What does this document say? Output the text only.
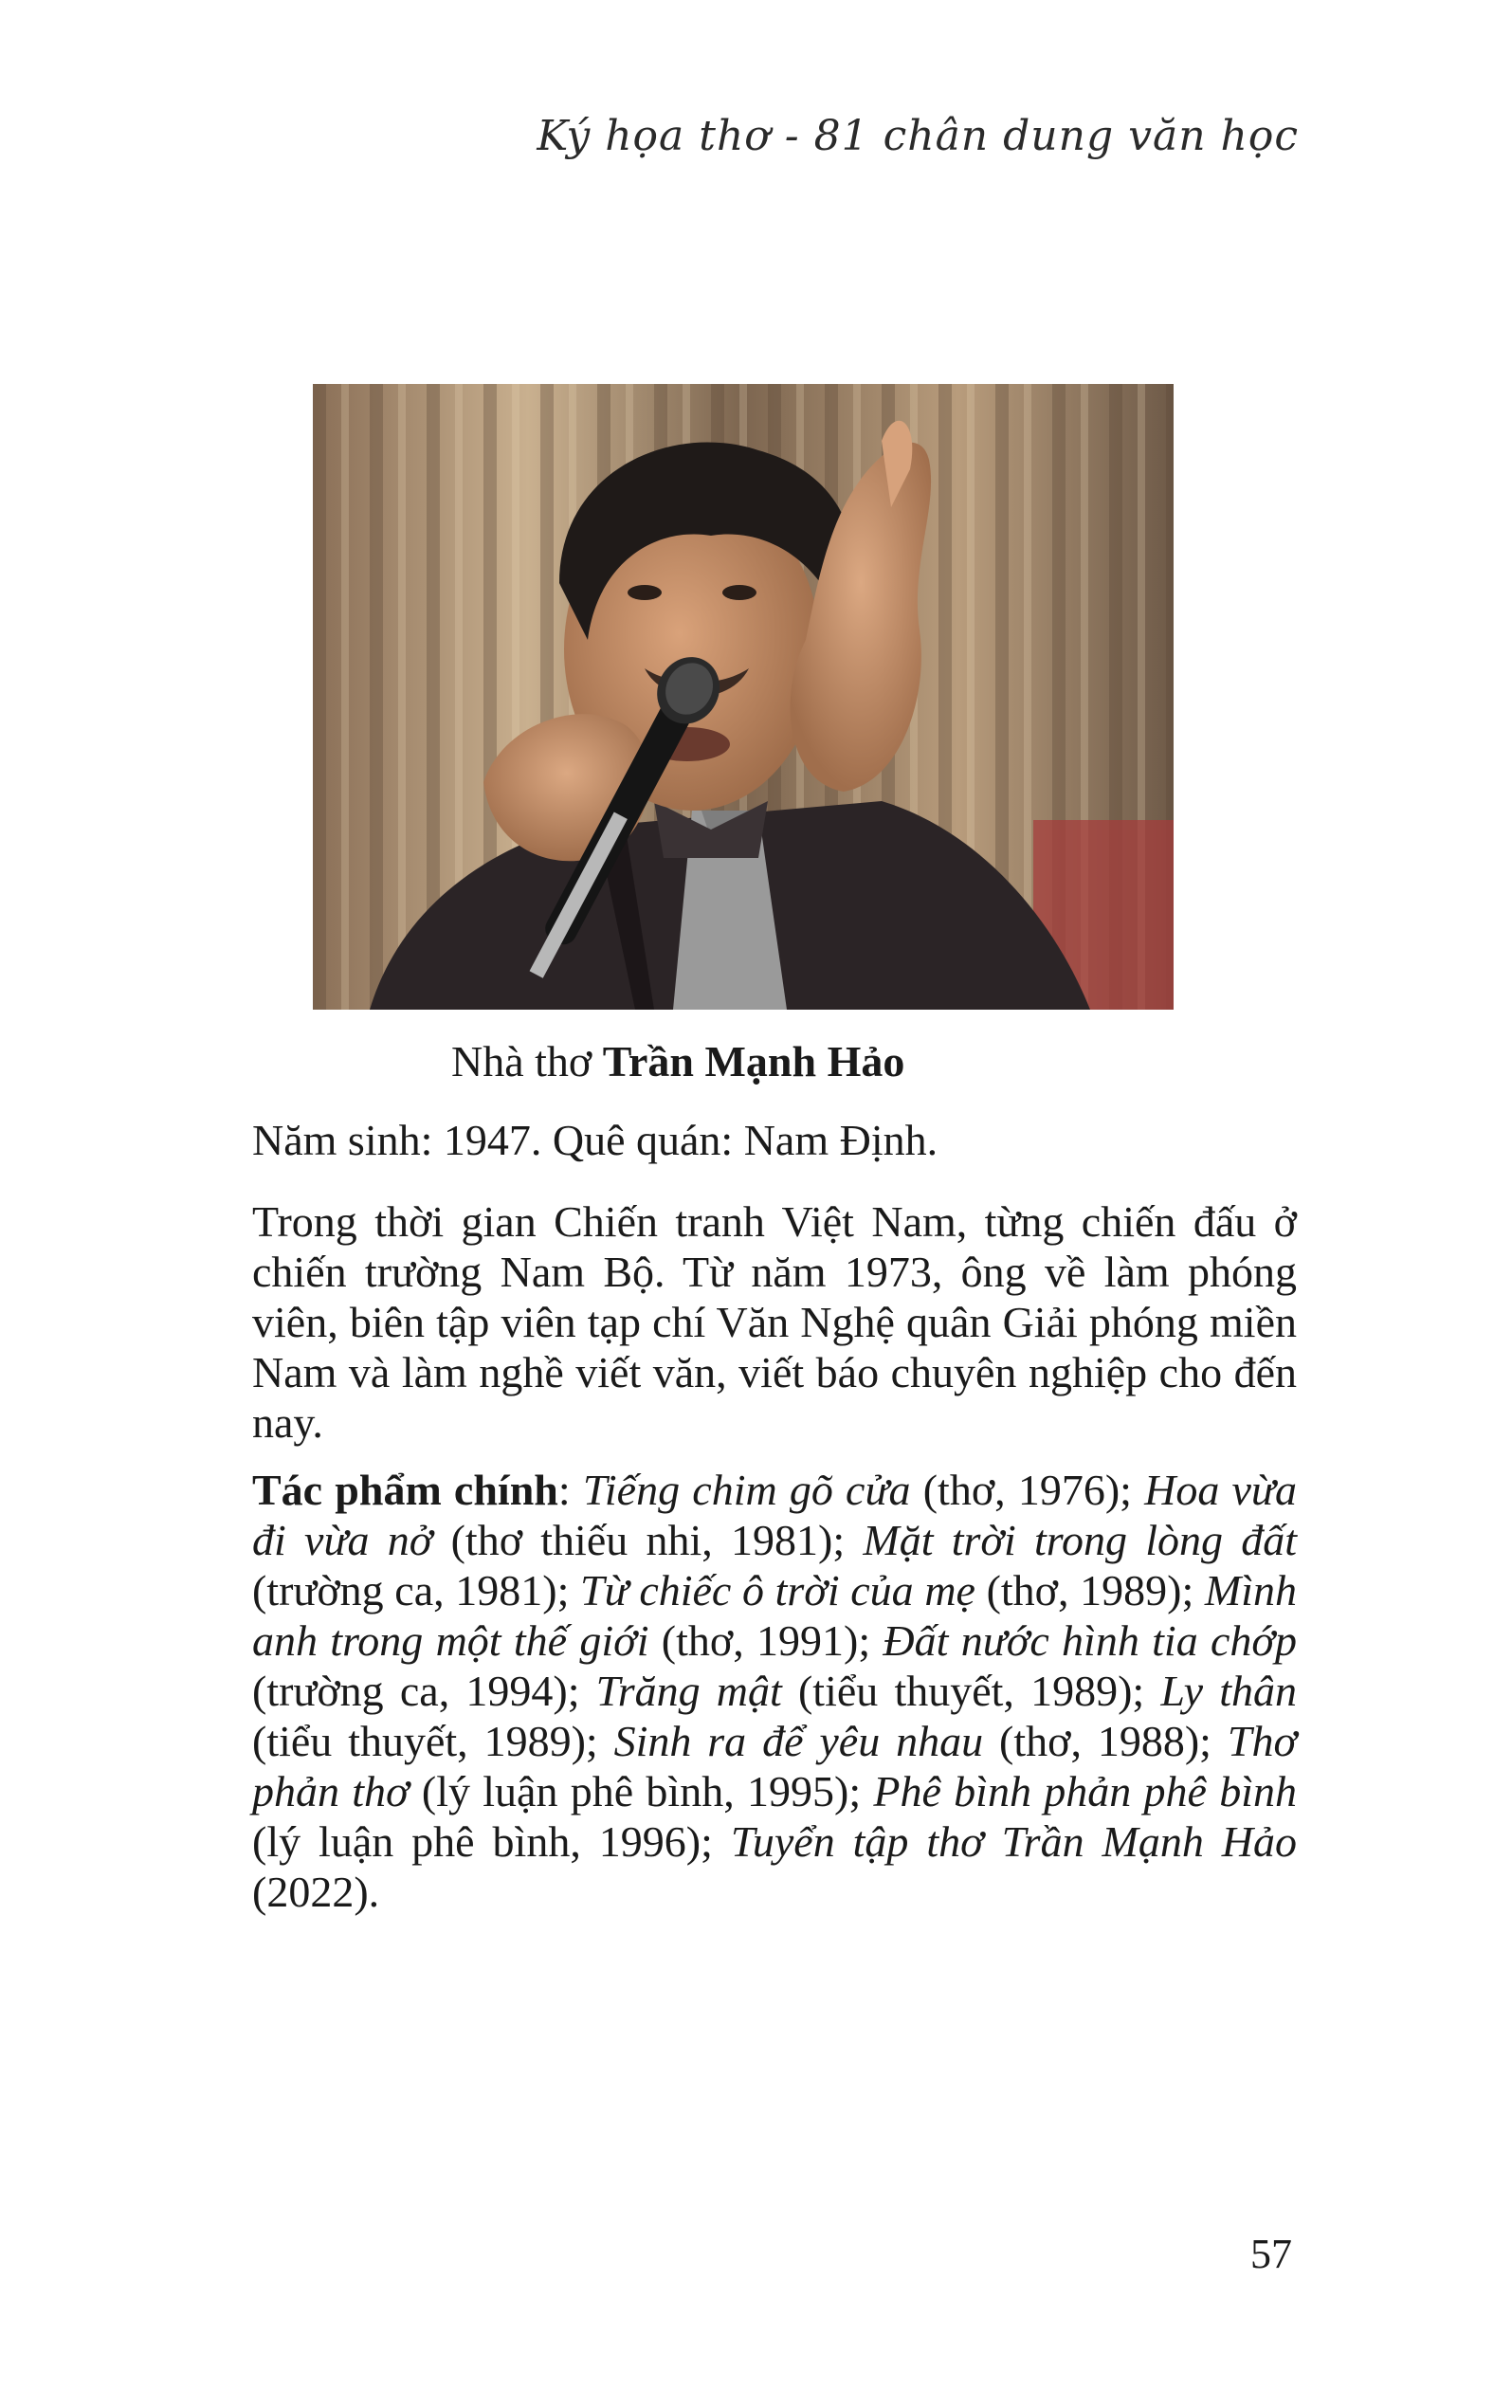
Ký họa thơ - 81 chân dung văn học
Nhà thơ Trần Mạnh Hảo
Năm sinh: 1947. Quê quán: Nam Định.
Trong thời gian Chiến tranh Việt Nam, từng chiến đấu ở chiến trường Nam Bộ. Từ năm 1973, ông về làm phóng viên, biên tập viên tạp chí Văn Nghệ quân Giải phóng miền Nam và làm nghề viết văn, viết báo chuyên nghiệp cho đến nay.
Tác phẩm chính: Tiếng chim gõ cửa (thơ, 1976); Hoa vừa đi vừa nở (thơ thiếu nhi, 1981); Mặt trời trong lòng đất (trường ca, 1981); Từ chiếc ô trời của mẹ (thơ, 1989); Mình anh trong một thế giới (thơ, 1991); Đất nước hình tia chớp (trường ca, 1994); Trăng mật (tiểu thuyết, 1989); Ly thân (tiểu thuyết, 1989); Sinh ra để yêu nhau (thơ, 1988); Thơ phản thơ (lý luận phê bình, 1995); Phê bình phản phê bình (lý luận phê bình, 1996); Tuyển tập thơ Trần Mạnh Hảo (2022).
57
